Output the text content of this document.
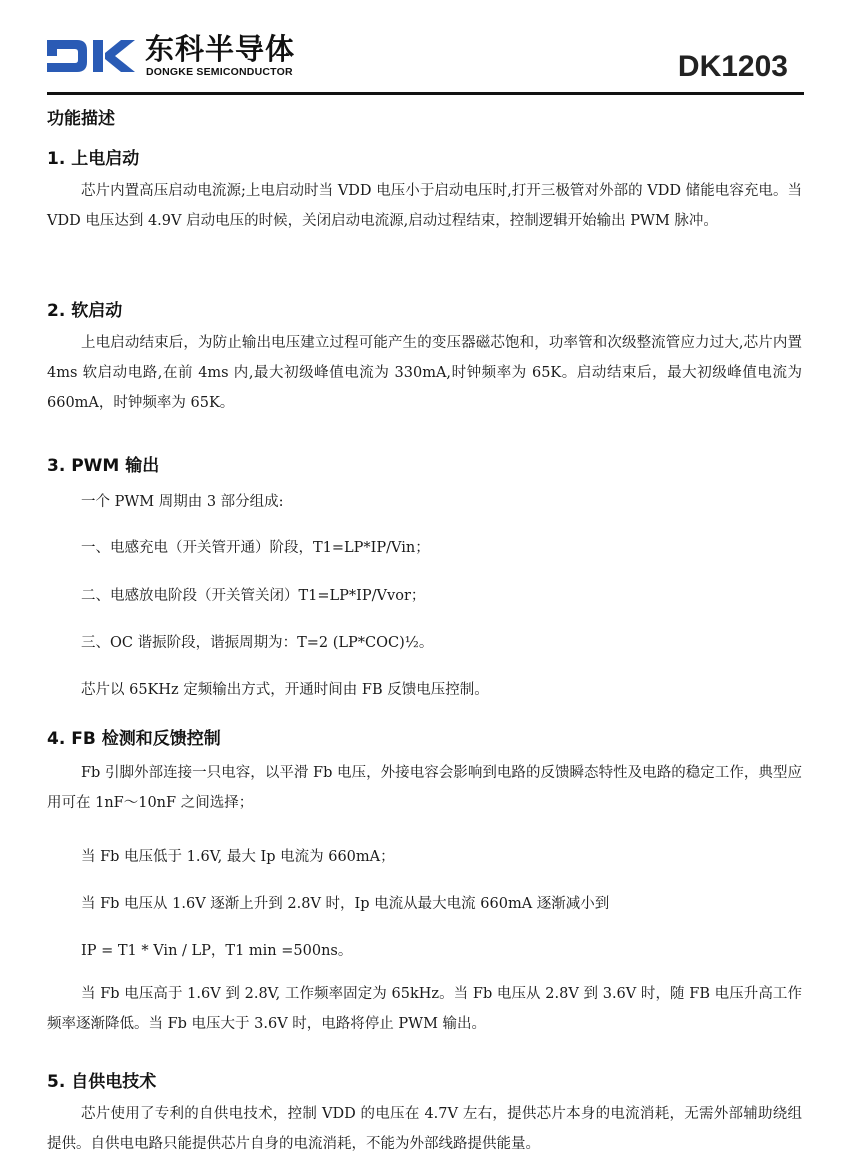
东科半导体
DONGKE SEMICONDUCTOR	DK1203
功能描述
1. 上电启动
芯片内置高压启动电流源;上电启动时当 VDD 电压小于启动电压时,打开三极管对外部的 VDD 储能电容充电。当 VDD 电压达到 4.9V 启动电压的时候，关闭启动电流源,启动过程结束，控制逻辑开始输出 PWM 脉冲。
2. 软启动
上电启动结束后，为防止输出电压建立过程可能产生的变压器磁芯饱和，功率管和次级整流管应力过大,芯片内置 4ms 软启动电路,在前 4ms 内,最大初级峰值电流为 330mA,时钟频率为 65K。启动结束后，最大初级峰值电流为 660mA，时钟频率为 65K。
3. PWM 输出
一个 PWM 周期由 3 部分组成:
一、电感充电（开关管开通）阶段，T1=LP*IP/Vin；
二、电感放电阶段（开关管关闭）T1=LP*IP/Vvor；
三、OC 谐振阶段，谐振周期为：T=2 (LP*COC)½。
芯片以 65KHz 定频输出方式，开通时间由 FB 反馈电压控制。
4. FB 检测和反馈控制
Fb 引脚外部连接一只电容，以平滑 Fb 电压，外接电容会影响到电路的反馈瞬态特性及电路的稳定工作，典型应用可在 1nF～10nF 之间选择；
当 Fb 电压低于 1.6V, 最大 Ip 电流为 660mA；
当 Fb 电压从 1.6V 逐渐上升到 2.8V 时，Ip 电流从最大电流 660mA 逐渐减小到
IP = T1 * Vin / LP，T1 min =500ns。
当 Fb 电压高于 1.6V 到 2.8V, 工作频率固定为 65kHz。当 Fb 电压从 2.8V 到 3.6V 时，随 FB 电压升高工作频率逐渐降低。当 Fb 电压大于 3.6V 时，电路将停止 PWM 输出。
5. 自供电技术
芯片使用了专利的自供电技术，控制 VDD 的电压在 4.7V 左右，提供芯片本身的电流消耗，无需外部辅助绕组提供。自供电电路只能提供芯片自身的电流消耗，不能为外部线路提供能量。
